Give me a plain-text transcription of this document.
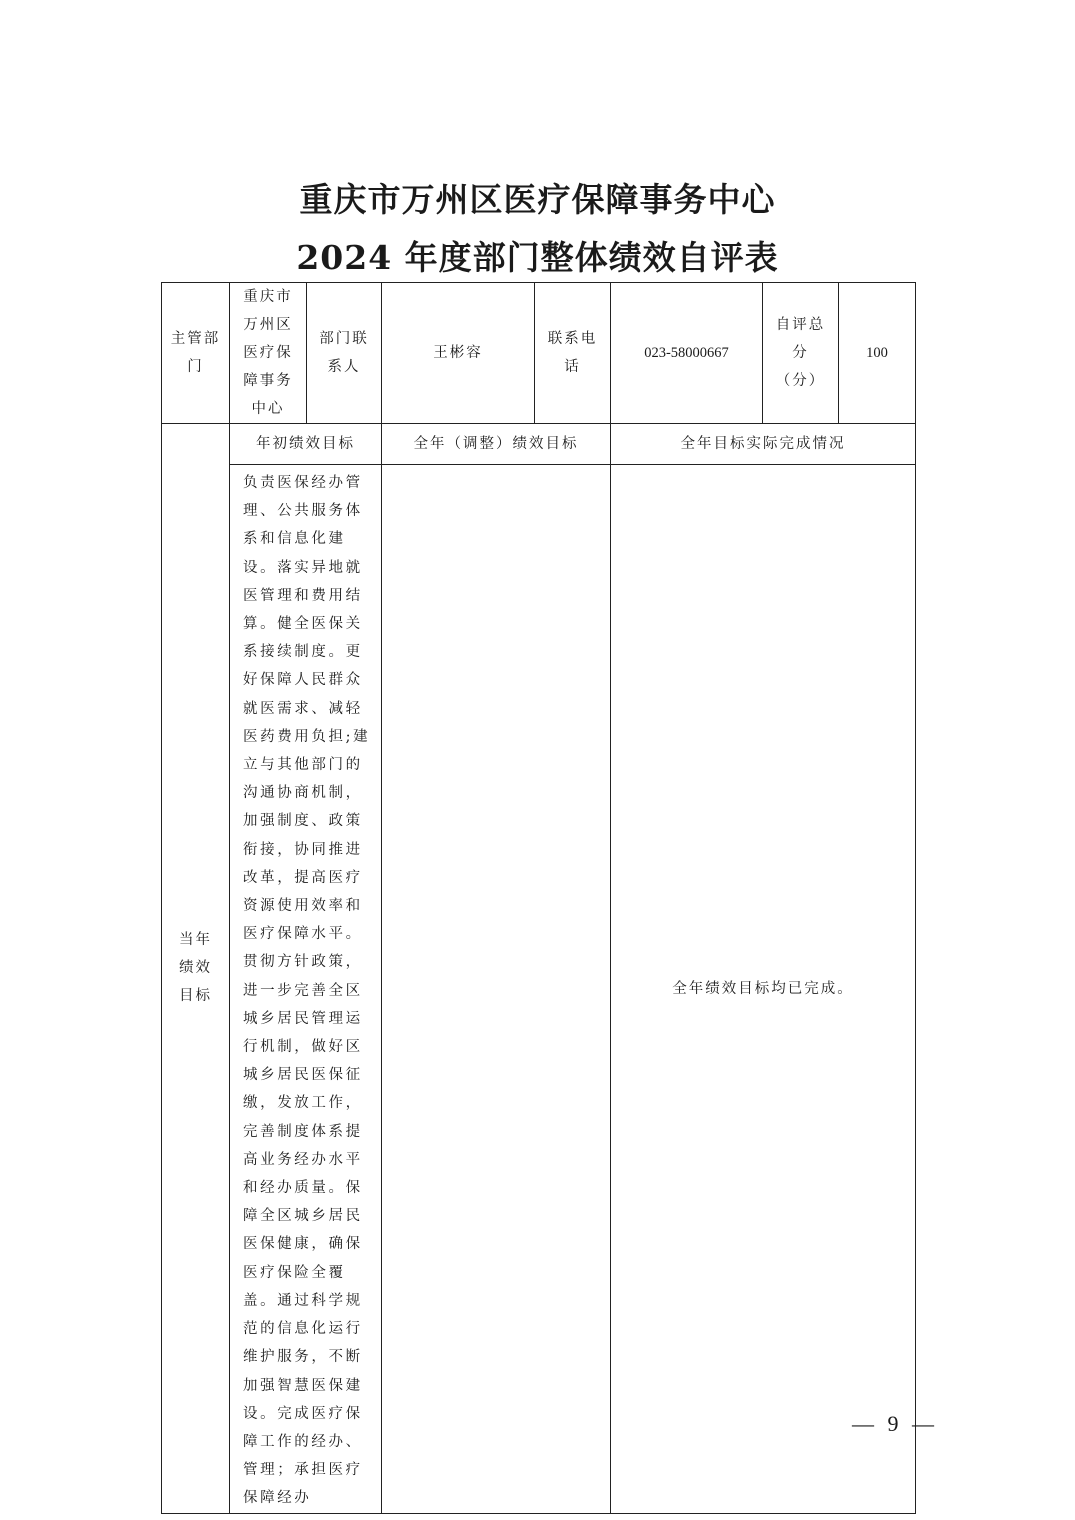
重庆市万州区医疗保障事务中心
2024 年度部门整体绩效自评表
主管部门	重庆市万州区医疗保障事务中心	部门联系人	王彬容	联系电话	023-58000667	自评总分（分）	100
当年绩效目标	年初绩效目标		全年（调整）绩效目标		全年目标实际完成情况		

	负责医保经办管理、公共服务体系和信息化建设。落实异地就医管理和费用结算。健全医保关系接续制度。更好保障人民群众就医需求、减轻医药费用负担;建立与其他部门的沟通协商机制，加强制度、政策衔接，协同推进改革，提高医疗资源使用效率和医疗保障水平。贯彻方针政策，进一步完善全区城乡居民管理运行机制，做好区城乡居民医保征缴，发放工作，完善制度体系提高业务经办水平和经办质量。保障全区城乡居民医保健康，确保医疗保险全覆盖。通过科学规范的信息化运行维护服务，不断加强智慧医保建设。完成医疗保障工作的经办、管理；承担医疗保障经办				全年绩效目标均已完成。		
— 9 —
